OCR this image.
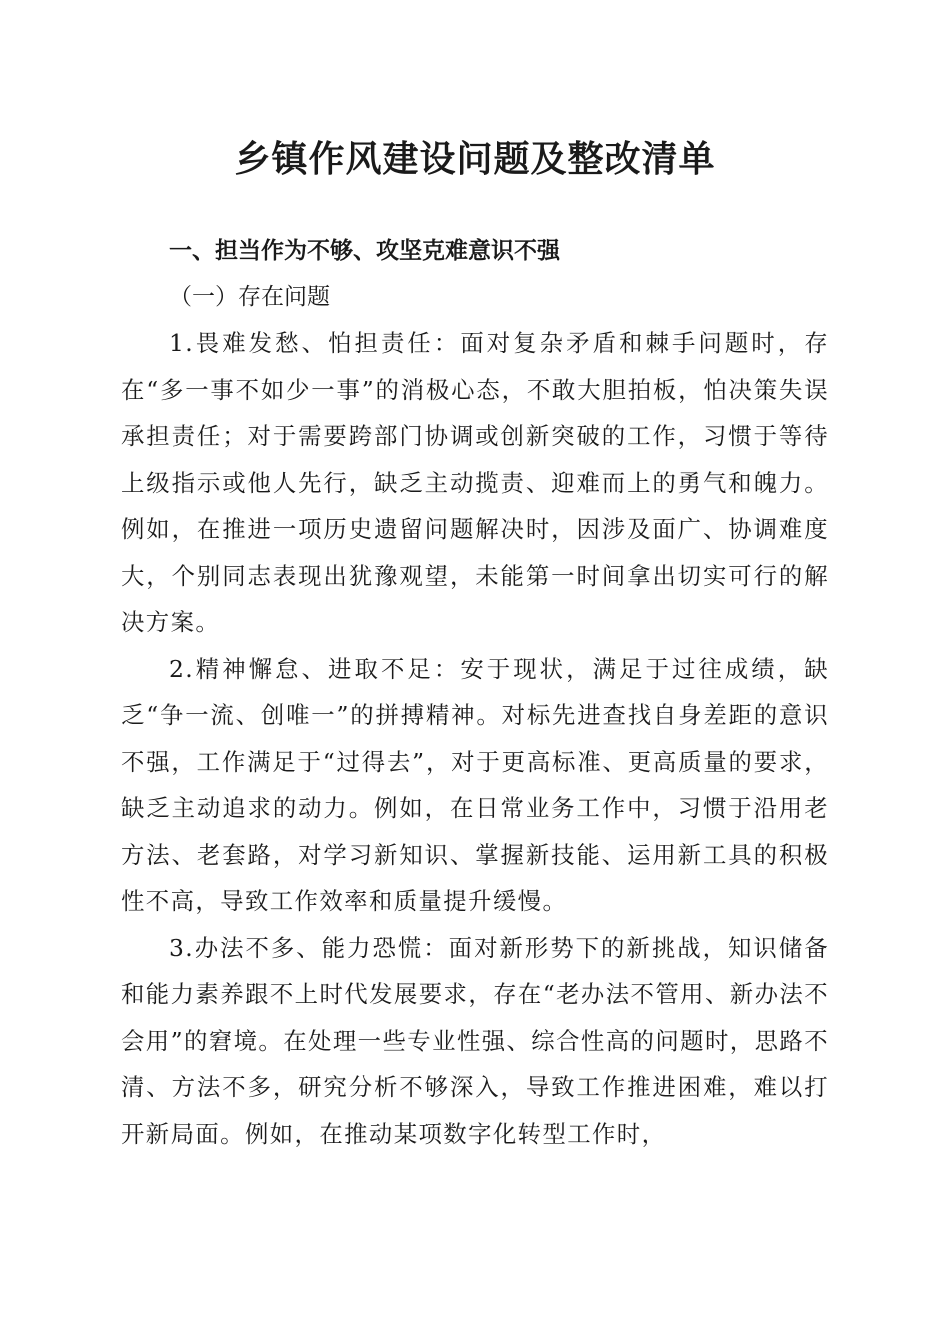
乡镇作风建设问题及整改清单

一、担当作为不够、攻坚克难意识不强

（一）存在问题

1.畏难发愁、怕担责任：面对复杂矛盾和棘手问题时，存在“多一事不如少一事”的消极心态，不敢大胆拍板，怕决策失误承担责任；对于需要跨部门协调或创新突破的工作，习惯于等待上级指示或他人先行，缺乏主动揽责、迎难而上的勇气和魄力。例如，在推进一项历史遗留问题解决时，因涉及面广、协调难度大，个别同志表现出犹豫观望，未能第一时间拿出切实可行的解决方案。

2.精神懈怠、进取不足：安于现状，满足于过往成绩，缺乏“争一流、创唯一”的拼搏精神。对标先进查找自身差距的意识不强，工作满足于“过得去”，对于更高标准、更高质量的要求，缺乏主动追求的动力。例如，在日常业务工作中，习惯于沿用老方法、老套路，对学习新知识、掌握新技能、运用新工具的积极性不高，导致工作效率和质量提升缓慢。

3.办法不多、能力恐慌：面对新形势下的新挑战，知识储备和能力素养跟不上时代发展要求，存在“老办法不管用、新办法不会用”的窘境。在处理一些专业性强、综合性高的问题时，思路不清、方法不多，研究分析不够深入，导致工作推进困难，难以打开新局面。例如，在推动某项数字化转型工作时，
